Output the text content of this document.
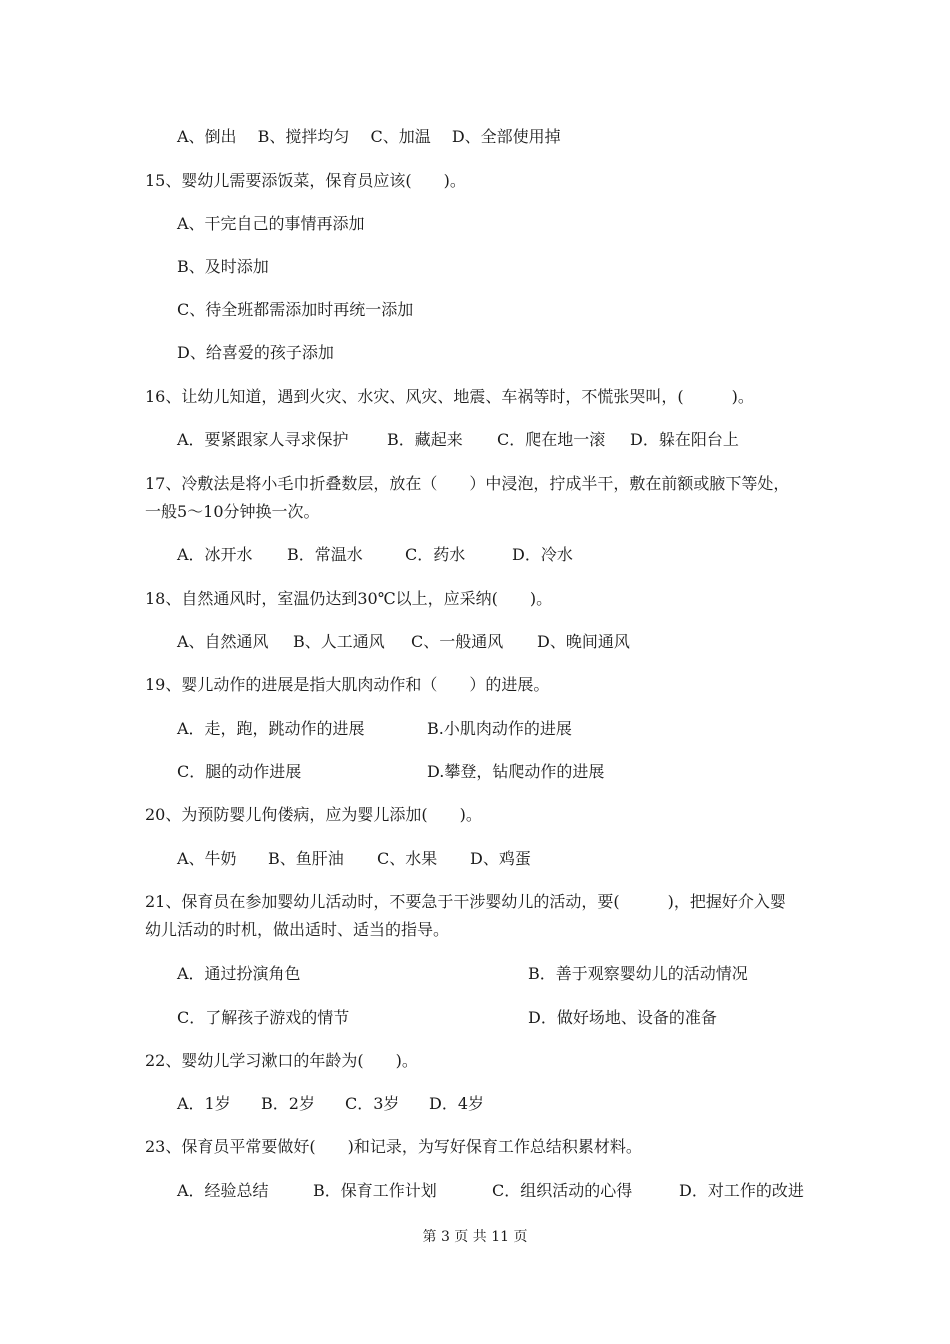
A、倒出　 B、搅拌均匀　 C、加温　 D、全部使用掉
15、婴幼儿需要添饭菜，保育员应该(　　)。
A、干完自己的事情再添加
B、及时添加
C、待全班都需添加时再统一添加
D、给喜爱的孩子添加
16、让幼儿知道，遇到火灾、水灾、风灾、地震、车祸等时，不慌张哭叫，(　　　)。
A．要紧跟家人寻求保护 B．藏起来 C．爬在地一滚 D．躲在阳台上
17、冷敷法是将小毛巾折叠数层，放在（　　）中浸泡，拧成半干，敷在前额或腋下等处，
一般5～10分钟换一次。
A．冰开水 B．常温水	C．药水	D．冷水
18、自然通风时，室温仍达到30℃以上，应采纳(　　)。
A、自然通风 B、人工通风 C、一般通风 D、晚间通风
19、婴儿动作的进展是指大肌肉动作和（　　）的进展。
A．走，跑，跳动作的进展	B.小肌肉动作的进展
C．腿的动作进展	D.攀登，钻爬动作的进展
20、为预防婴儿佝偻病，应为婴儿添加(　　)。
A、牛奶 B、鱼肝油 C、水果 D、鸡蛋
21、保育员在参加婴幼儿活动时，不要急于干涉婴幼儿的活动，要(　　　)，把握好介入婴
幼儿活动的时机，做出适时、适当的指导。
A．通过扮演角色	B．善于观察婴幼儿的活动情况
C．了解孩子游戏的情节	D．做好场地、设备的准备
22、婴幼儿学习漱口的年龄为(　　)。
A．1岁 B．2岁 C．3岁 D．4岁
23、保育员平常要做好(　　)和记录，为写好保育工作总结积累材料。
A．经验总结	B．保育工作计划	C．组织活动的心得	D．对工作的改进
第 3 页 共 11 页
